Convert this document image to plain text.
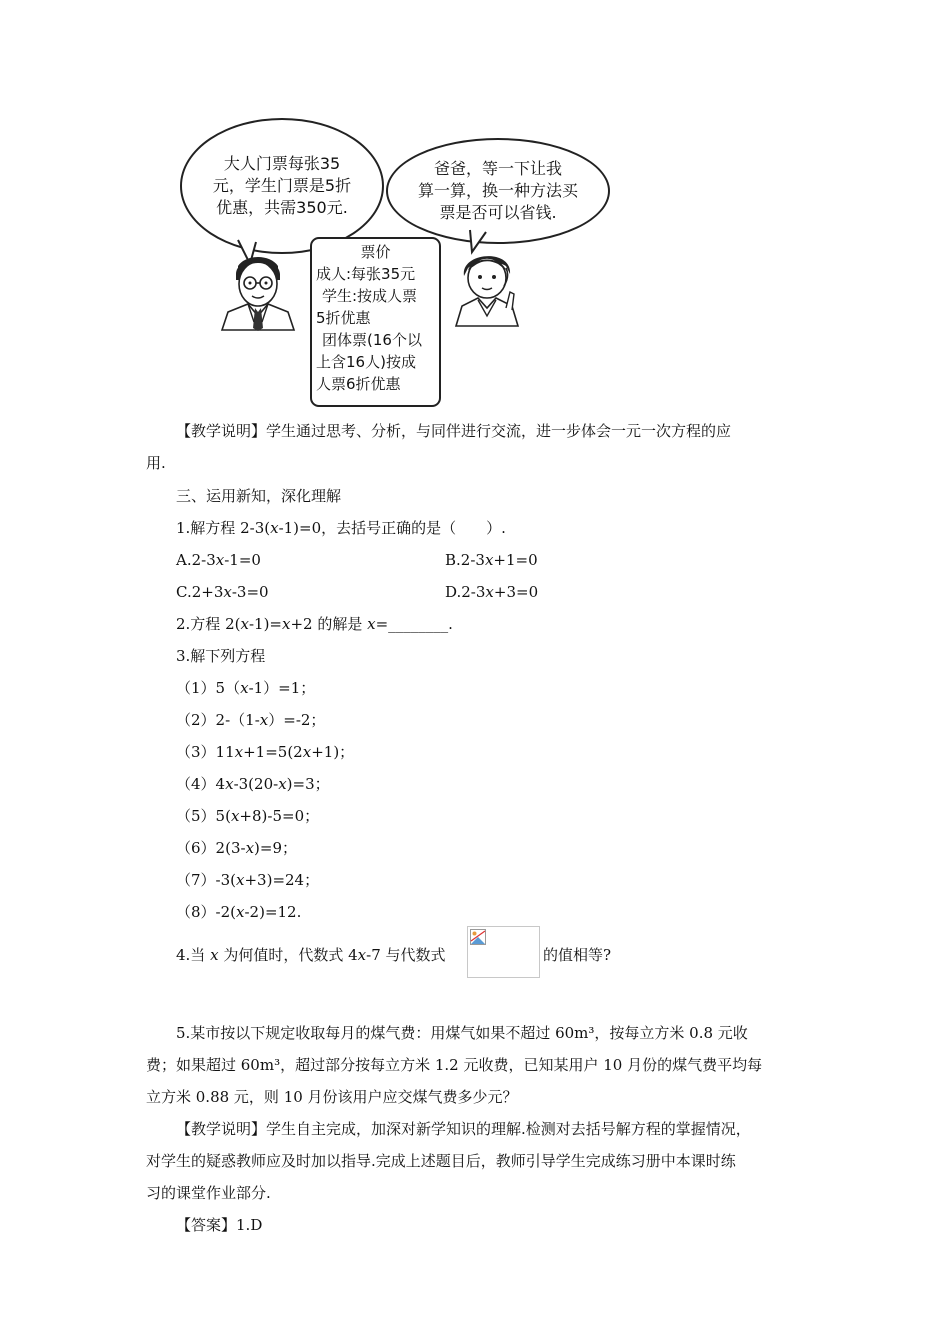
大人门票每张35
元，学生门票是5折
优惠，共需350元.
爸爸，等一下让我
算一算，换一种方法买
票是否可以省钱.
票价
成人:每张35元
学生:按成人票
5折优惠
团体票(16个以
上含16人)按成
人票6折优惠
【教学说明】学生通过思考、分析，与同伴进行交流，进一步体会一元一次方程的应
用.
三、运用新知，深化理解
1.解方程 2-3(x-1)=0，去括号正确的是（　　）.
A.2-3x-1=0	B.2-3x+1=0
C.2+3x-3=0	D.2-3x+3=0
2.方程 2(x-1)=x+2 的解是 x=________.
3.解下列方程
（1）5（x-1）=1；
（2）2-（1-x）=-2；
（3）11x+1=5(2x+1)；
（4）4x-3(20-x)=3；
（5）5(x+8)-5=0；
（6）2(3-x)=9；
（7）-3(x+3)=24；
（8）-2(x-2)=12.
4.当 x 为何值时，代数式 4x-7 与代数式	的值相等?
5.某市按以下规定收取每月的煤气费：用煤气如果不超过 60m³，按每立方米 0.8 元收
费；如果超过 60m³，超过部分按每立方米 1.2 元收费，已知某用户 10 月份的煤气费平均每
立方米 0.88 元，则 10 月份该用户应交煤气费多少元？
【教学说明】学生自主完成，加深对新学知识的理解.检测对去括号解方程的掌握情况，
对学生的疑惑教师应及时加以指导.完成上述题目后，教师引导学生完成练习册中本课时练
习的课堂作业部分.
【答案】1.D
